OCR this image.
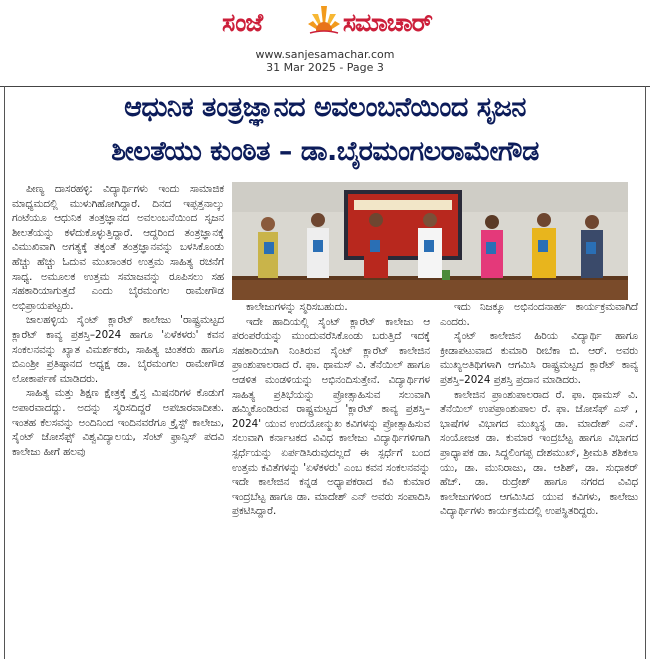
ಸಂಜೆ	ಸಮಾಚಾರ್
www.sanjesamachar.com
31 Mar 2025 - Page 3
ಆಧುನಿಕ ತಂತ್ರಜ್ಞಾನದ ಅವಲಂಬನೆಯಿಂದ ಸೃಜನ
ಶೀಲತೆಯು ಕುಂಠಿತ – ಡಾ.ಬೈರಮಂಗಲರಾಮೇಗೌಡ

ಪೀಣ್ಯ ದಾಸರಹಳ್ಳಿ: ವಿದ್ಯಾರ್ಥಿಗಳು ಇಂದು ಸಾಮಾಜಿಕ ಮಾಧ್ಯಮದಲ್ಲಿ ಮುಳುಗಿಹೋಗಿದ್ದಾರೆ. ದಿನದ ಇಪ್ಪತ್ತನಾಲ್ಕು ಗಂಟೆಯೂ ಆಧುನಿಕ ತಂತ್ರಜ್ಞಾನದ ಅವಲಂಬನೆಯಿಂದ ಸೃಜನ ಶೀಲತೆಯನ್ನು ಕಳೆದುಕೊಳ್ಳುತ್ತಿದ್ದಾರೆ. ಆದ್ದರಿಂದ ತಂತ್ರಜ್ಞಾನಕ್ಕೆ ವಿಮುಖಿವಾಗಿ ಅಗತ್ಯಕ್ಕೆ ತಕ್ಕಂತೆ ತಂತ್ರಜ್ಞಾನವನ್ನು ಬಳಸಿಕೊಂಡು ಹೆಚ್ಚು ಹೆಚ್ಚು ಓದುವ ಮುಖಾಂತರ ಉತ್ತಮ ಸಾಹಿತ್ಯ ರಚನೆಗೆ ಸಾಧ್ಯ. ಅಮೂಲಕ ಉತ್ತಮ ಸಮಾಜವನ್ನು ರೂಪಿಸಲು ಸಹ ಸಹಕಾರಿಯಾಗುತ್ತದೆ ಎಂದು ಬೈರಮಂಗಲ ರಾಮೇಗೌಡ ಅಭಿಪ್ರಾಯಪಟ್ಟರು.

ಜಾಲಹಳ್ಳಿಯ ಸೈಂಟ್ ಕ್ಲಾರೆಟ್ ಕಾಲೇಜು 'ರಾಷ್ಟ್ರಮಟ್ಟದ ಕ್ಲಾರೆಟ್ ಕಾವ್ಯ ಪ್ರಶಸ್ತಿ–2024 ಹಾಗೂ 'ಏಳೆಕಳರು' ಕವನ ಸಂಕಲನವನ್ನು ಖ್ಯಾತ ವಿಮರ್ಶಕರು, ಸಾಹಿತ್ಯ ಚಿಂತಕರು ಹಾಗೂ ಬಿಎಂಶ್ರೀ ಪ್ರತಿಷ್ಠಾನದ ಅಧ್ಯಕ್ಷ ಡಾ. ಬೈರಮಂಗಲ ರಾಮೇಗೌಡ ಲೋಕಾರ್ಪಣೆ ಮಾಡಿದರು.

ಸಾಹಿತ್ಯ ಮತ್ತು ಶಿಕ್ಷಣ ಕ್ಷೇತ್ರಕ್ಕೆ ಕ್ರೈಸ್ತ ಮಿಷನರಿಗಳ ಕೊಡುಗೆ ಅಪಾರವಾದದ್ದು. ಅದನ್ನು ಸ್ಮರಿಸದಿದ್ದರೆ ಅಪಚಾರವಾದೀತು. ಇಂತಹ ಕೆಲಸವನ್ನು ಅಂದಿನಿಂದ ಇಂದಿನವರೆಗೂ ಕ್ರೈಸ್ಟ್ ಕಾಲೇಜು, ಸೈಂಟ್ ಜೋಸೆಫ್ಸ್ ವಿಶ್ವವಿದ್ಯಾಲಯ, ಸೆಂಟ್ ಫ್ರಾನ್ಸಿಸ್ ಪದವಿ ಕಾಲೇಜು ಹೀಗೆ ಹಲವು

ಕಾಲೇಜುಗಳನ್ನು ಸ್ಮರಿಸಬಹುದು.

ಇದೇ ಹಾದಿಯಲ್ಲಿ ಸೈಂಟ್ ಕ್ಲಾರೆಟ್ ಕಾಲೇಜು ಆ ಪರಂಪರೆಯನ್ನು ಮುಂದುವರೆಸಿಕೊಂಡು ಬರುತ್ತಿದೆ ಇದಕ್ಕೆ ಸಹಕಾರಿಯಾಗಿ ನಿಂತಿರುವ ಸೈಂಟ್ ಕ್ಲಾರೆಟ್ ಕಾಲೇಜಿನ ಪ್ರಾಂಶುಪಾಲರಾದ ರೆ. ಫಾ. ಥಾಮಸ್ ವಿ. ತೆನೆಯಿಲ್ ಹಾಗೂ ಆಡಳಿತ ಮಂಡಳಿಯನ್ನು ಅಭಿನಂದಿಸುತ್ತೇನೆ. ವಿದ್ಯಾರ್ಥಿಗಳ ಸಾಹಿತ್ಯ ಪ್ರತಿಭೆಯನ್ನು ಪ್ರೋತ್ಸಾಹಿಸುವ ಸಲುವಾಗಿ ಹಮ್ಮಿಕೊಂಡಿರುವ ರಾಷ್ಟ್ರಮಟ್ಟದ 'ಕ್ಲಾರೆಟ್ ಕಾವ್ಯ ಪ್ರಶಸ್ತಿ–2024' ಯುವ ಉದಯೋನ್ಮುಖ ಕವಿಗಳನ್ನು ಪ್ರೋತ್ಸಾಹಿಸುವ ಸಲುವಾಗಿ ಕರ್ನಾಟಕದ ವಿವಿಧ ಕಾಲೇಜು ವಿದ್ಯಾರ್ಥಿಗಳಿಗಾಗಿ ಸ್ಪರ್ಧೆಯನ್ನು ಏರ್ಪಡಿಸಿರುವುದಲ್ಲದೆ ಈ ಸ್ಪರ್ಧೆಗೆ ಬಂದ ಉತ್ತಮ ಕವಿತೆಗಳನ್ನು 'ಏಳೆಕಳರು' ಎಂಬ ಕವನ ಸಂಕಲನವನ್ನು ಇದೇ ಕಾಲೇಜಿನ ಕನ್ನಡ ಅಧ್ಯಾಪಕರಾದ ಕವಿ ಕುಮಾರ ಇಂದ್ರಬೆಟ್ಟ ಹಾಗೂ ಡಾ. ಮಾದೇಶ್ ಎನ್ ಅವರು ಸಂಪಾದಿಸಿ ಪ್ರಕಟಿಸಿದ್ದಾರೆ.

ಇದು ನಿಜಕ್ಕೂ ಅಭಿನಂದನಾರ್ಹ ಕಾರ್ಯಕ್ರಮವಾಗಿದೆ ಎಂದರು.

ಸೈಂಟ್ ಕಾಲೇಜಿನ ಹಿರಿಯ ವಿದ್ಯಾರ್ಥಿ ಹಾಗೂ ಕ್ರೀಡಾಪಟುವಾದ ಕುಮಾರಿ ರೀಬೆಕಾ ಬಿ. ಆರ್. ಅವರು ಮುಖ್ಯಅತಿಥಿಗಳಾಗಿ ಆಗಮಿಸಿ ರಾಷ್ಟ್ರಮಟ್ಟದ ಕ್ಲಾರೆಟ್ ಕಾವ್ಯ ಪ್ರಶಸ್ತಿ–2024 ಪ್ರಶಸ್ತಿ ಪ್ರದಾನ ಮಾಡಿದರು.

ಕಾಲೇಜಿನ ಪ್ರಾಂಶುಪಾಲರಾದ ರೆ. ಫಾ. ಥಾಮಸ್ ವಿ. ತೆನೆಯಿಲ್ ಉಪಪ್ರಾಂಶುಪಾಲ ರೆ. ಫಾ. ಜೋಸೆಫ್ ಎಸ್ , ಭಾಷೆಗಳ ವಿಭಾಗದ ಮುಖ್ಯಸ್ಥ ಡಾ. ಮಾದೇಶ್ ಎನ್. ಸಂಯೋಜಕ ಡಾ. ಕುಮಾರ ಇಂದ್ರಬೆಟ್ಟ ಹಾಗೂ ವಿಭಾಗದ ಪ್ರಾಧ್ಯಾಪಕ ಡಾ. ಸಿದ್ದಲಿಂಗಪ್ಪ ದೇಶಮುಖ್, ಶ್ರೀಮತಿ ಶಶಿಕಲಾ ಯು, ಡಾ. ಮುನಿರಾಜು, ಡಾ. ಆಶಿಶ್, ಡಾ. ಸುಧಾಕರ್ ಹೆಚ್. ಡಾ. ರುದ್ರೇಶ್ ಹಾಗೂ ನಗರದ ವಿವಿಧ ಕಾಲೇಜುಗಳಿಂದ ಆಗಮಿಸಿದ ಯುವ ಕವಿಗಳು, ಕಾಲೇಜು ವಿದ್ಯಾರ್ಥಿಗಳು ಕಾರ್ಯಕ್ರಮದಲ್ಲಿ ಉಪಸ್ಥಿತರಿದ್ದರು.
